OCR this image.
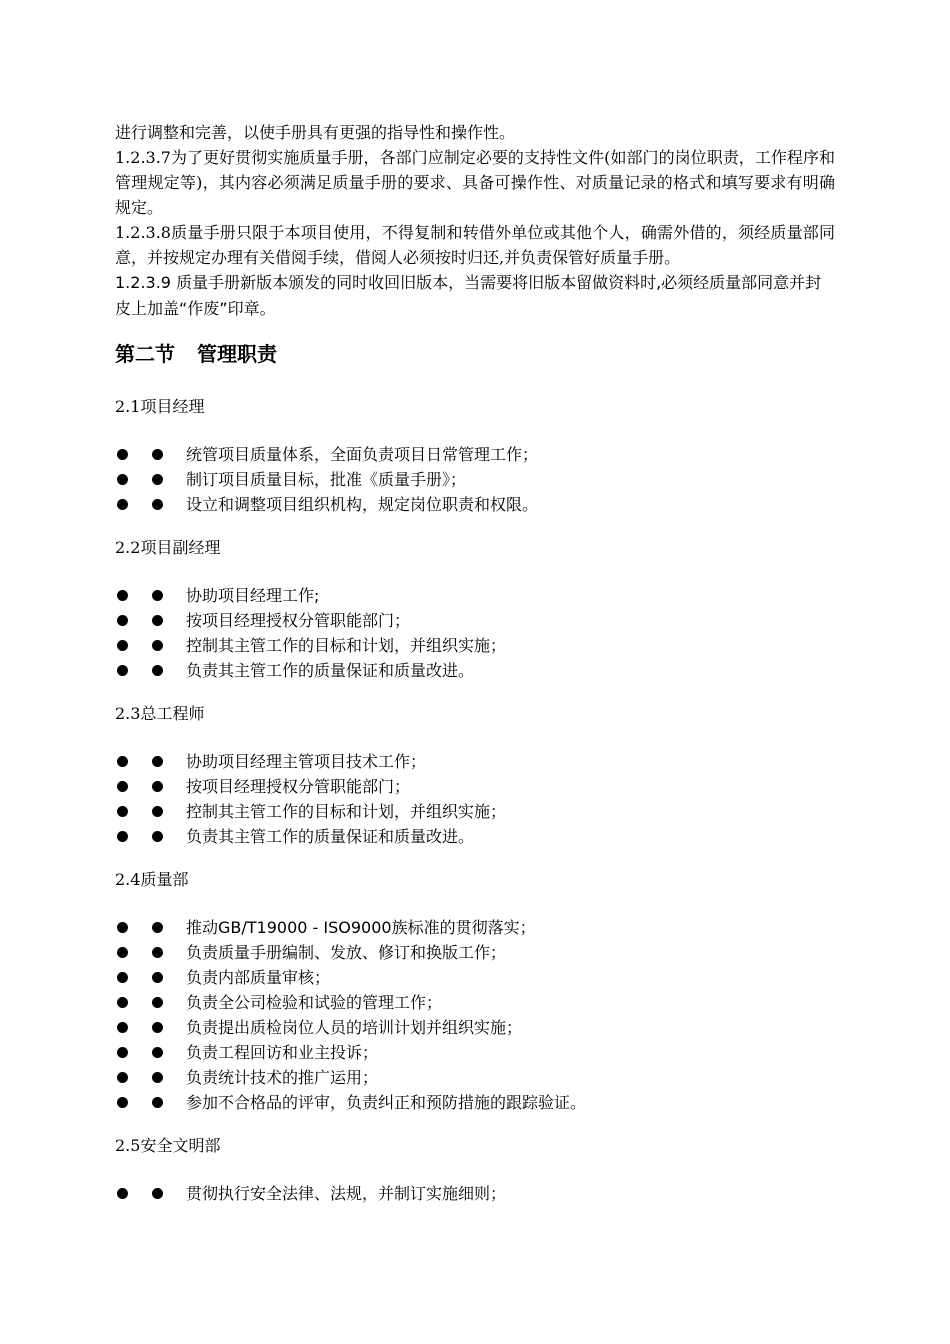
进行调整和完善，以使手册具有更强的指导性和操作性。

1.2.3.7为了更好贯彻实施质量手册，各部门应制定必要的支持性文件(如部门的岗位职责，工作程序和管理规定等)，其内容必须满足质量手册的要求、具备可操作性、对质量记录的格式和填写要求有明确规定。

1.2.3.8质量手册只限于本项目使用，不得复制和转借外单位或其他个人，确需外借的，须经质量部同意，并按规定办理有关借阅手续，借阅人必须按时归还,并负责保管好质量手册。

1.2.3.9 质量手册新版本颁发的同时收回旧版本，当需要将旧版本留做资料时,必须经质量部同意并封皮上加盖“作废”印章。

第二节 管理职责
2.1项目经理
统管项目质量体系，全面负责项目日常管理工作；
制订项目质量目标，批准《质量手册》；
设立和调整项目组织机构，规定岗位职责和权限。
2.2项目副经理
协助项目经理工作;
按项目经理授权分管职能部门；
控制其主管工作的目标和计划，并组织实施；
负责其主管工作的质量保证和质量改进。
2.3总工程师
协助项目经理主管项目技术工作；
按项目经理授权分管职能部门；
控制其主管工作的目标和计划，并组织实施；
负责其主管工作的质量保证和质量改进。
2.4质量部
推动GB/T19000 - ISO9000族标准的贯彻落实；
负责质量手册编制、发放、修订和换版工作；
负责内部质量审核；
负责全公司检验和试验的管理工作；
负责提出质检岗位人员的培训计划并组织实施；
负责工程回访和业主投诉；
负责统计技术的推广运用；
参加不合格品的评审，负责纠正和预防措施的跟踪验证。
2.5安全文明部
贯彻执行安全法律、法规，并制订实施细则；
